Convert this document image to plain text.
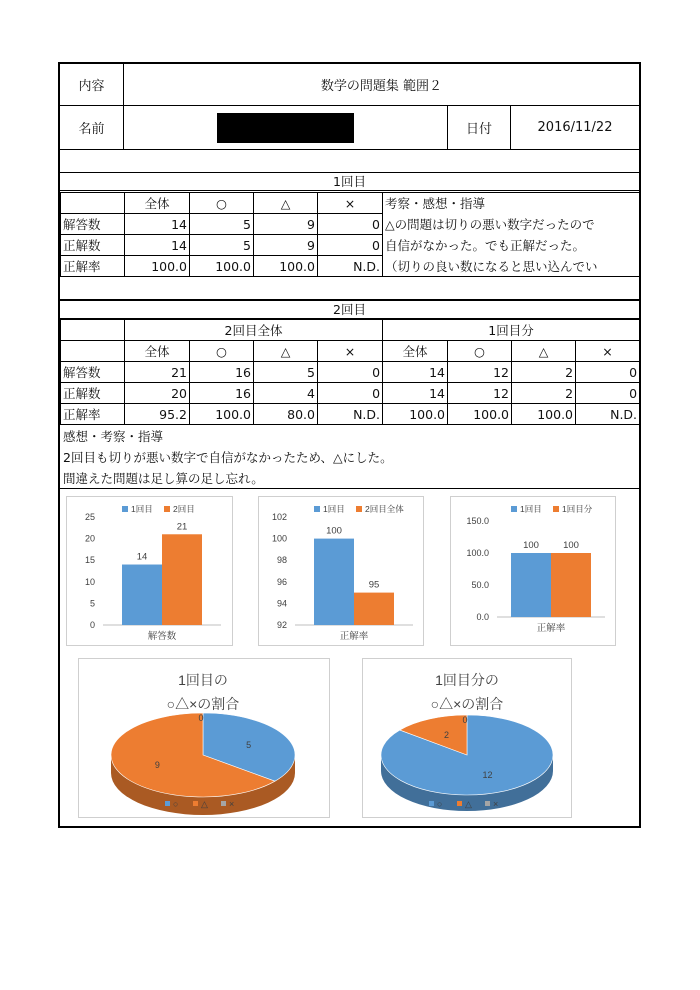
内容	数学の問題集 範囲２
名前	日付	2016/11/22
1回目
	全体	○	△	×	考察・感想・指導
解答数	14	5	9	0	△の問題は切りの悪い数字だったので
正解数	14	5	9	0	自信がなかった。でも正解だった。
正解率	100.0	100.0	100.0	N.D.	（切りの良い数になると思い込んでい
2回目
	2回目全体				1回目分			
	全体	○	△	×	全体	○	△	×
解答数	21	16	5	0	14	12	2	0
正解数	20	16	4	0	14	12	2	0
正解率	95.2	100.0	80.0	N.D.	100.0	100.0	100.0	N.D.
感想・考察・指導
2回目も切りが悪い数字で自信がなかったため、△にした。
間違えた問題は足し算の足し忘れ。
0
5
10
15
20
25
14
21
解答数
1回目 2回目
92
94
96
98
100
102
100
95
正解率
1回目 2回目全体
0.0
50.0
100.0
150.0
100	100
正解率
1回目 1回目分
1回目の
○△×の割合
5
9
0
○	△ ×
1回目分の
○△×の割合
12
2
0
○	△ ×
